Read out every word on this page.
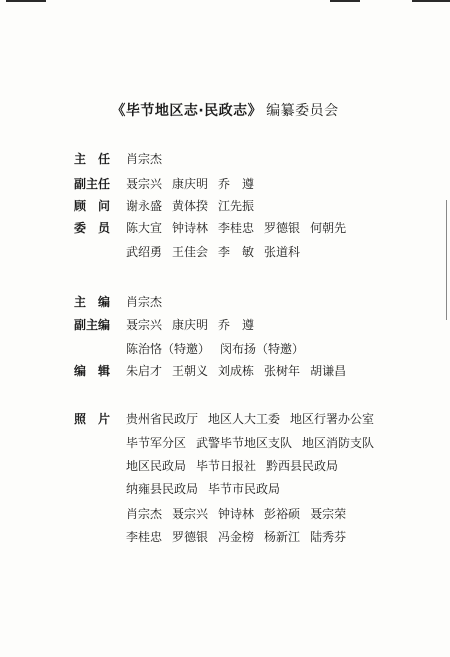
《毕节地区志·民政志》 编纂委员会
主　任 肖宗杰
副主任 聂宗兴 康庆明 乔　遵
顾　问 谢永盛 黄体揆 江先振
委　员 陈大宣 钟诗林 李桂忠 罗德银 何朝先
武绍勇 王佳会 李　敏 张道科
主　编 肖宗杰
副主编 聂宗兴 康庆明 乔　遵
陈治恪（特邀） 闵布扬（特邀）
编　辑 朱启才 王朝义 刘成栋 张树年 胡谦昌
照　片 贵州省民政厅 地区人大工委 地区行署办公室
毕节军分区 武警毕节地区支队 地区消防支队
地区民政局 毕节日报社 黔西县民政局
纳雍县民政局 毕节市民政局
肖宗杰 聂宗兴 钟诗林 彭裕硕 聂宗荣
李桂忠 罗德银 冯金榜 杨新江 陆秀芬
